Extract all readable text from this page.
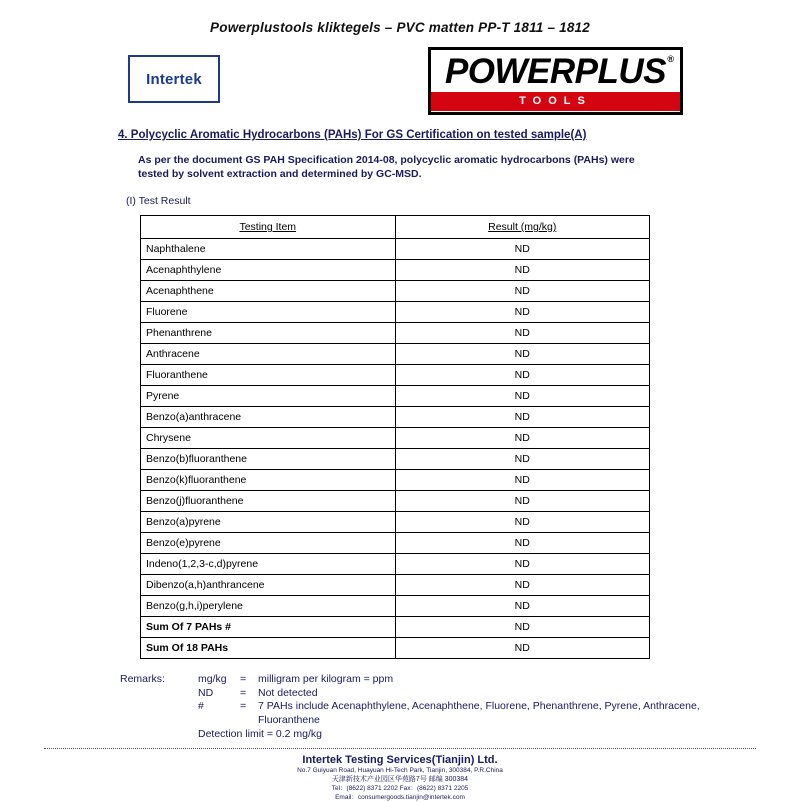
Powerplustools kliktegels – PVC matten PP-T 1811 – 1812
Intertek	POWERPLUS ®
TOOLS
4. Polycyclic Aromatic Hydrocarbons (PAHs) For GS Certification on tested sample(A)
As per the document GS PAH Specification 2014-08, polycyclic aromatic hydrocarbons (PAHs) were tested by solvent extraction and determined by GC-MSD.
(I) Test Result
Testing Item	Result (mg/kg)
Naphthalene	ND
Acenaphthylene	ND
Acenaphthene	ND
Fluorene	ND
Phenanthrene	ND
Anthracene	ND
Fluoranthene	ND
Pyrene	ND
Benzo(a)anthracene	ND
Chrysene	ND
Benzo(b)fluoranthene	ND
Benzo(k)fluoranthene	ND
Benzo(j)fluoranthene	ND
Benzo(a)pyrene	ND
Benzo(e)pyrene	ND
Indeno(1,2,3-c,d)pyrene	ND
Dibenzo(a,h)anthrancene	ND
Benzo(g,h,i)perylene	ND
Sum Of 7 PAHs #	ND
Sum Of 18 PAHs	ND
Remarks:	mg/kg	=	milligram per kilogram = ppm
ND	=	Not detected
#	=	7 PAHs include Acenaphthylene, Acenaphthene, Fluorene, Phenanthrene, Pyrene, Anthracene, Fluoranthene
Detection limit = 0.2 mg/kg
Intertek Testing Services(Tianjin) Ltd.
No.7 Guiyuan Road, Huayuan Hi-Tech Park, Tianjin, 300384, P.R.China
天津新技术产业园区华苑路7号 邮编 300384
Tel：(8622) 8371 2202 Fax：(8622) 8371 2205
Email：consumergoods.tianjin@intertek.com
